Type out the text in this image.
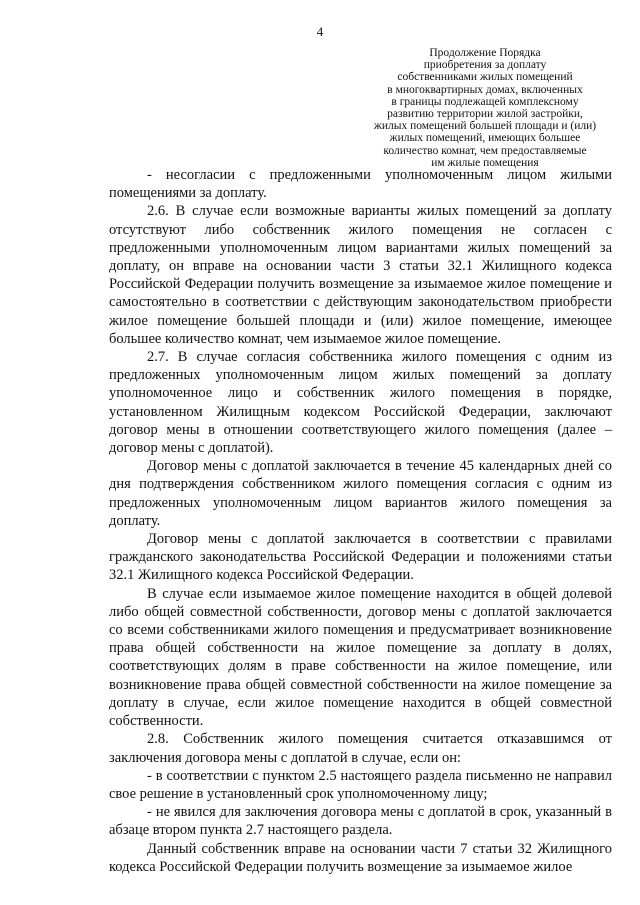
4
Продолжение Порядка
приобретения за доплату
собственниками жилых помещений
в многоквартирных домах, включенных
в границы подлежащей комплексному
развитию территории жилой застройки,
жилых помещений большей площади и (или)
жилых помещений, имеющих большее
количество комнат, чем предоставляемые
им жилые помещения

- несогласии с предложенными уполномоченным лицом жилыми помещениями за доплату.

2.6. В случае если возможные варианты жилых помещений за доплату отсутствуют либо собственник жилого помещения не согласен с предложенными уполномоченным лицом вариантами жилых помещений за доплату, он вправе на основании части 3 статьи 32.1 Жилищного кодекса Российской Федерации получить возмещение за изымаемое жилое помещение и самостоятельно в соответствии с действующим законодательством приобрести жилое помещение большей площади и (или) жилое помещение, имеющее большее количество комнат, чем изымаемое жилое помещение.

2.7. В случае согласия собственника жилого помещения с одним из предложенных уполномоченным лицом жилых помещений за доплату уполномоченное лицо и собственник жилого помещения в порядке, установленном Жилищным кодексом Российской Федерации, заключают договор мены в отношении соответствующего жилого помещения (далее – договор мены с доплатой).

Договор мены с доплатой заключается в течение 45 календарных дней со дня подтверждения собственником жилого помещения согласия с одним из предложенных уполномоченным лицом вариантов жилого помещения за доплату.

Договор мены с доплатой заключается в соответствии с правилами гражданского законодательства Российской Федерации и положениями статьи 32.1 Жилищного кодекса Российской Федерации.

В случае если изымаемое жилое помещение находится в общей долевой либо общей совместной собственности, договор мены с доплатой заключается со всеми собственниками жилого помещения и предусматривает возникновение права общей собственности на жилое помещение за доплату в долях, соответствующих долям в праве собственности на жилое помещение, или возникновение права общей совместной собственности на жилое помещение за доплату в случае, если жилое помещение находится в общей совместной собственности.

2.8. Собственник жилого помещения считается отказавшимся от заключения договора мены с доплатой в случае, если он:

- в соответствии с пунктом 2.5 настоящего раздела письменно не направил свое решение в установленный срок уполномоченному лицу;

- не явился для заключения договора мены с доплатой в срок, указанный в абзаце втором пункта 2.7 настоящего раздела.

Данный собственник вправе на основании части 7 статьи 32 Жилищного кодекса Российской Федерации получить возмещение за изымаемое жилое
